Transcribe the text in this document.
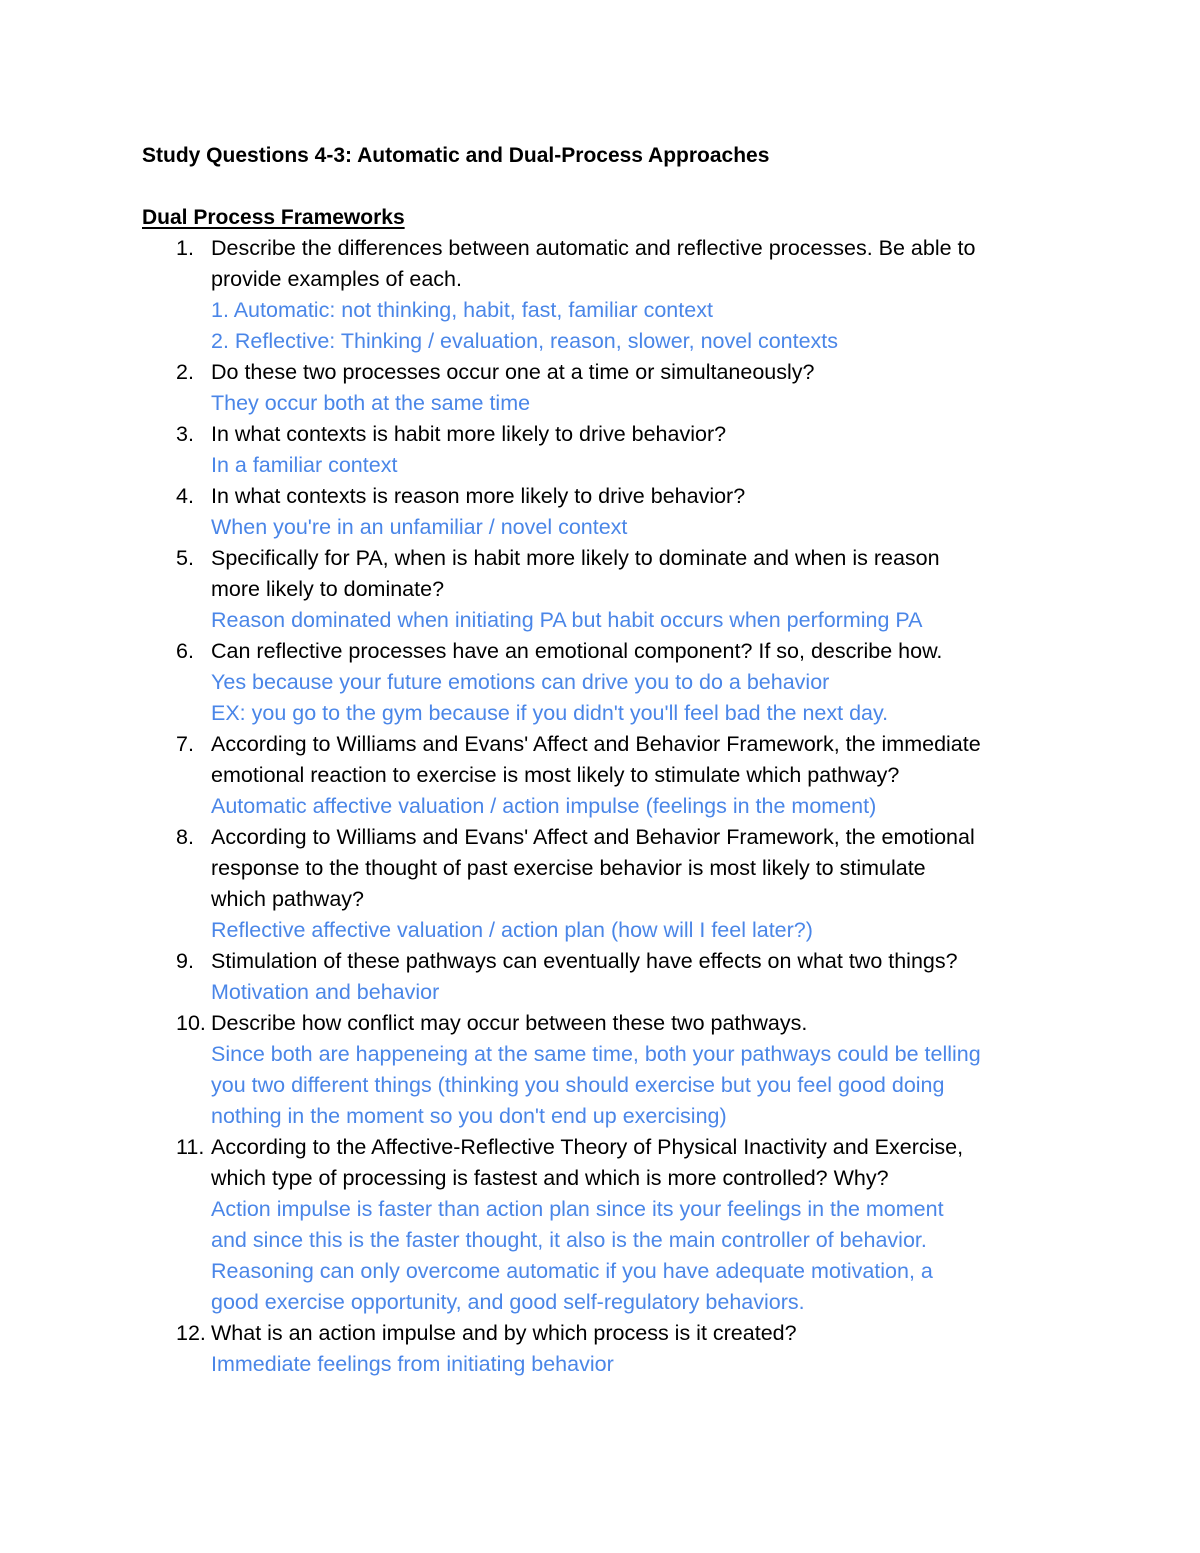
Study Questions 4-3: Automatic and Dual-Process Approaches
Dual Process Frameworks
1. Describe the differences between automatic and reflective processes. Be able to
provide examples of each.
1. Automatic: not thinking, habit, fast, familiar context
2. Reflective: Thinking / evaluation, reason, slower, novel contexts
2. Do these two processes occur one at a time or simultaneously?
They occur both at the same time
3. In what contexts is habit more likely to drive behavior?
In a familiar context
4. In what contexts is reason more likely to drive behavior?
When you're in an unfamiliar / novel context
5. Specifically for PA, when is habit more likely to dominate and when is reason
more likely to dominate?
Reason dominated when initiating PA but habit occurs when performing PA
6. Can reflective processes have an emotional component? If so, describe how.
Yes because your future emotions can drive you to do a behavior
EX: you go to the gym because if you didn't you'll feel bad the next day.
7. According to Williams and Evans' Affect and Behavior Framework, the immediate
emotional reaction to exercise is most likely to stimulate which pathway?
Automatic affective valuation / action impulse (feelings in the moment)
8. According to Williams and Evans' Affect and Behavior Framework, the emotional
response to the thought of past exercise behavior is most likely to stimulate
which pathway?
Reflective affective valuation / action plan (how will I feel later?)
9. Stimulation of these pathways can eventually have effects on what two things?
Motivation and behavior
10. Describe how conflict may occur between these two pathways.
Since both are happeneing at the same time, both your pathways could be telling
you two different things (thinking you should exercise but you feel good doing
nothing in the moment so you don't end up exercising)
11. According to the Affective-Reflective Theory of Physical Inactivity and Exercise,
which type of processing is fastest and which is more controlled? Why?
Action impulse is faster than action plan since its your feelings in the moment
and since this is the faster thought, it also is the main controller of behavior.
Reasoning can only overcome automatic if you have adequate motivation, a
good exercise opportunity, and good self-regulatory behaviors.
12. What is an action impulse and by which process is it created?
Immediate feelings from initiating behavior
